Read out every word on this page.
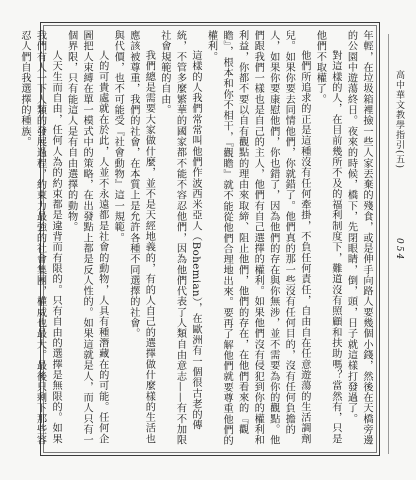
高中華文教學指引(五)
054

年輕，在垃圾箱裡撿一些人家丟棄的殘食，或是伸手向路人要幾個小錢，然後在天橋旁邊的公園中遊蕩終日。夜來的時候，橋下，先閉眼睛，倒，頭，日子就這樣打發過了。

對這樣的人，在目前幾所不及的福利制度下，難道沒有照顧和扶助嗎？當然有，只是他們不取權了。

他們所追求的正是這種沒有任何牽掛，不負任何責任，自由自在任意遊蕩的生活調劑兒。如果你要去同情他們，你就錯了。他們真的那一些沒有任何目的，沒有任何負擔的人，如果你要康慰他們，你也錯了，因為他們的存在與你無涉，並不需要為你的觀點。他們跟我們一樣也是自己的主人，他們有自己選擇的權利。如果他們沒有侵犯到你的權利和利益，你都不要以自有觀點的理由來取締、阻止他們，他們的存在，在他們看來的『觀瞻』，根本和你不相干，『觀瞻』就不能從他們合理地出來。要再了解他們就要尊重他們的權利。

這樣的人我們常常叫他們作波西米亞人（Bohemian），在歐洲有一個很古老的傳統，不管多麼繁華的國家都不能不容忍他們，因為他們代表了人類自由意志——有不加限社會規範的自由。

我們總是需要大家做什麼，並不是天經地義的，有的人自己的選擇做什麼樣的生活也應該被尊重，我們的社會，在本質上是允許各種不同選擇的社會。

與代價，也不可能受『社會動物』這一規範。

人的可貴處就在於此，人並不永遠都是社會的動物，人具有種潛藏在的可能。任何企圖把人束縛在單一模式中的策略，在出發點上都是反人性的。如果這就是人，而人只有一個界限，只有能這人是有自由選擇的動物。

人天生而自由，任何人為的約束都是違背而有限的。只有自由的選擇是無限的。如果我們有人一下人類的發展過程，約束力最強的社會集團，權威也最大。最後只剩下那些容忍人們自我選擇的種族。
